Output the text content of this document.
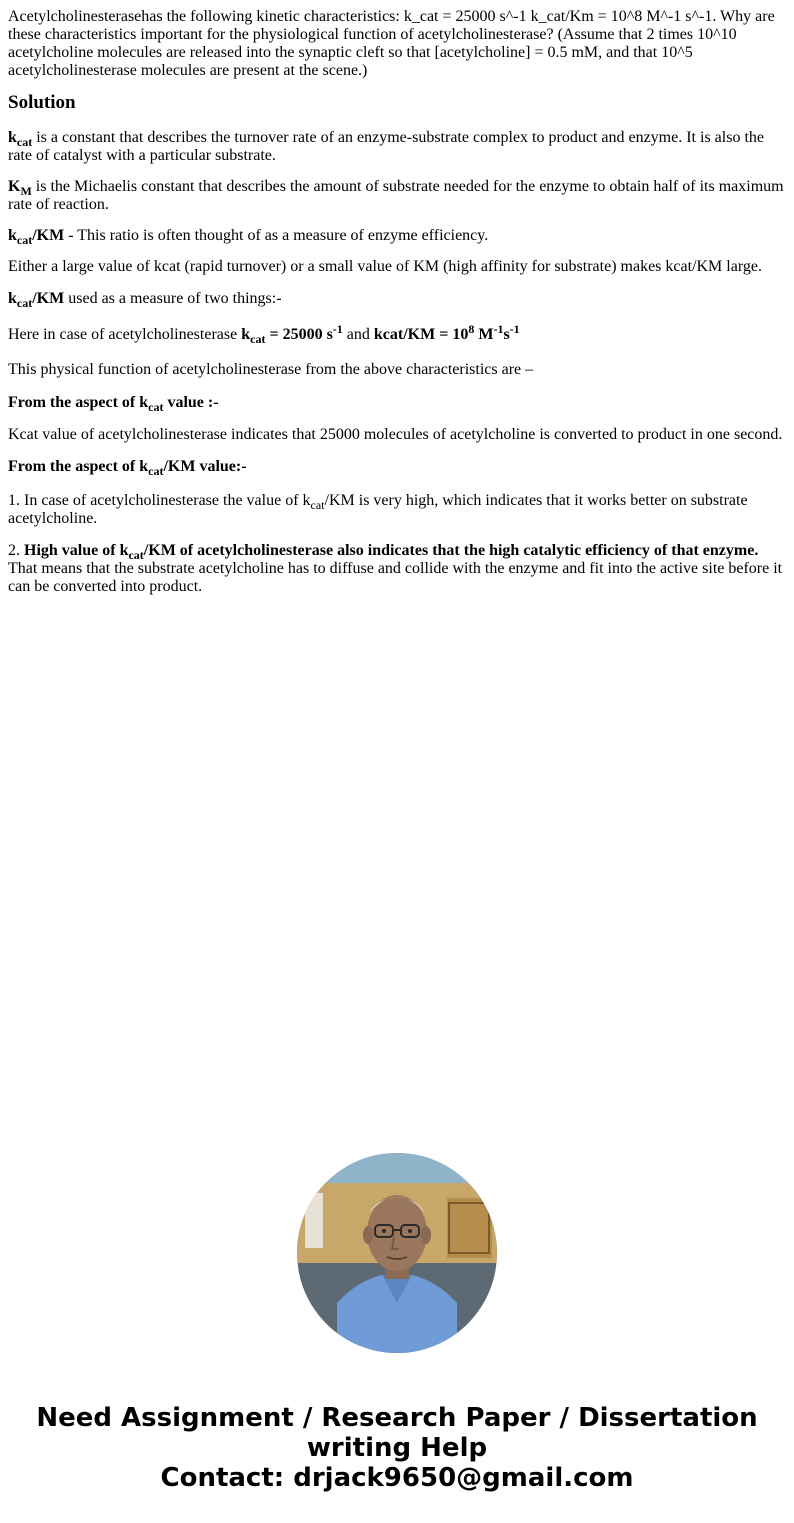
Acetylcholinesterasehas the following kinetic characteristics: k_cat = 25000 s^-1 k_cat/Km = 10^8 M^-1 s^-1. Why are these characteristics important for the physiological function of acetylcholinesterase? (Assume that 2 times 10^10 acetylcholine molecules are released into the synaptic cleft so that [acetylcholine] = 0.5 mM, and that 10^5 acetylcholinesterase molecules are present at the scene.)

Solution

$k_{cat}$ is a constant that describes the turnover rate of an enzyme-substrate complex to product and enzyme. It is also the rate of catalyst with a particular substrate.

$K_M$ is the Michaelis constant that describes the amount of substrate needed for the enzyme to obtain half of its maximum rate of reaction.

$k_{cat}/KM$ - This ratio is often thought of as a measure of enzyme efficiency.

Either a large value of kcat (rapid turnover) or a small value of KM (high affinity for substrate) makes kcat/KM large.

$k_{cat}/KM$ used as a measure of two things:-

Here in case of acetylcholinesterase $k_{cat} = 25000$ $s^{-1}$ and kcat/KM = $10^8$ $M^{-1}s^{-1}$

This physical function of acetylcholinesterase from the above characteristics are –

From the aspect of $k_{cat}$ value :-

Kcat value of acetylcholinesterase indicates that 25000 molecules of acetylcholine is converted to product in one second.

From the aspect of $k_{cat}/KM$ value:-

1. In case of acetylcholinesterase the value of $k_{cat}/KM$ is very high, which indicates that it works better on substrate acetylcholine.

2. High value of $k_{cat}/KM$ of acetylcholinesterase also indicates that the high catalytic efficiency of that enzyme. That means that the substrate acetylcholine has to diffuse and collide with the enzyme and fit into the active site before it can be converted into product.

Need Assignment / Research Paper / Dissertation
writing Help
Contact: drjack9650@gmail.com
